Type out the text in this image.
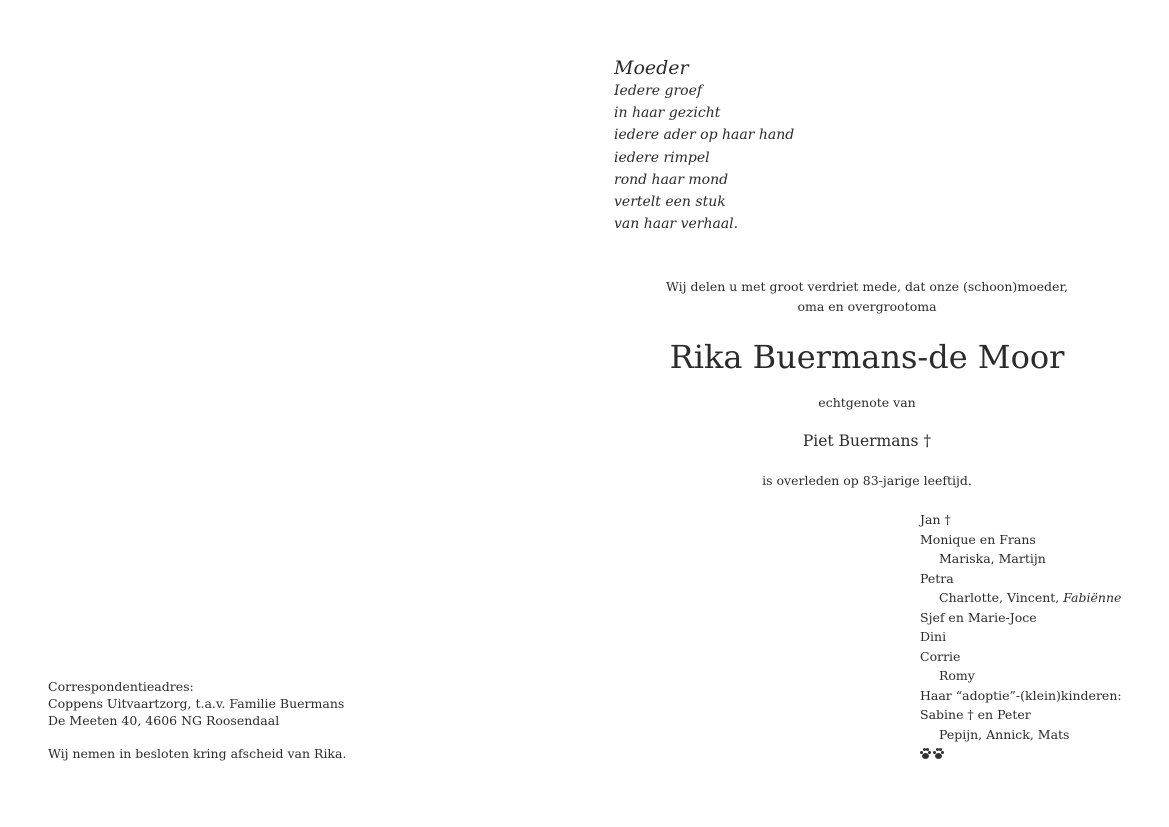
Moeder
Iedere groef
in haar gezicht
iedere ader op haar hand
iedere rimpel
rond haar mond
vertelt een stuk
van haar verhaal.
Wij delen u met groot verdriet mede, dat onze (schoon)moeder,
oma en overgrootoma
Rika Buermans-de Moor
echtgenote van
Piet Buermans †
is overleden op 83-jarige leeftijd.
Jan †
Monique en Frans
Mariska, Martijn
Petra
Charlotte, Vincent, Fabiënne
Sjef en Marie-Joce
Dini
Corrie
Romy
Haar “adoptie”-(klein)kinderen:
Sabine † en Peter
Pepijn, Annick, Mats
Correspondentieadres:
Coppens Uitvaartzorg, t.a.v. Familie Buermans
De Meeten 40, 4606 NG Roosendaal
Wij nemen in besloten kring afscheid van Rika.
